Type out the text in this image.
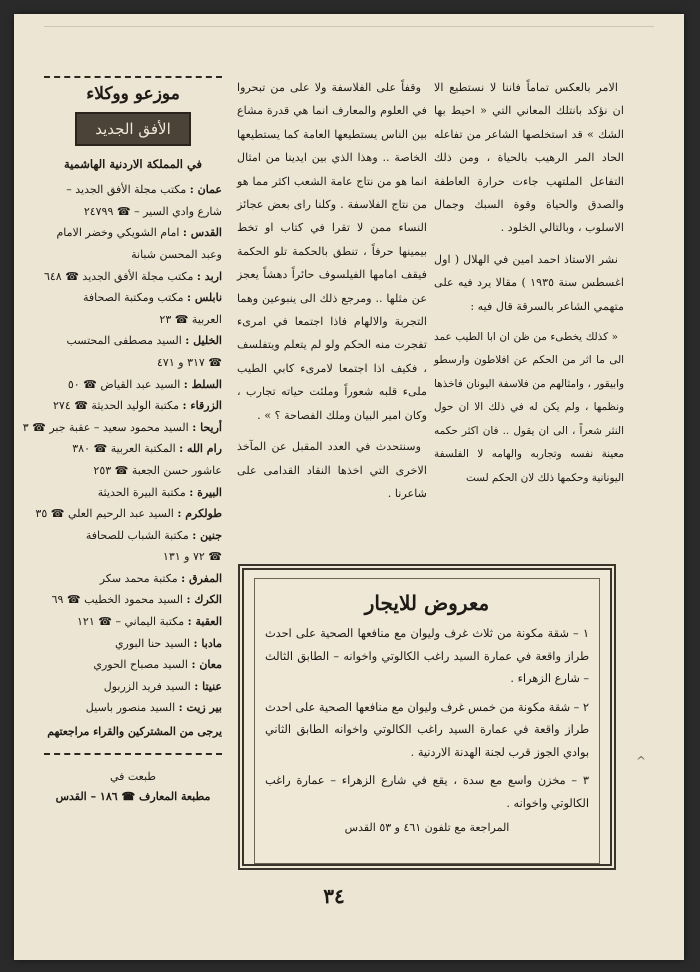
الامر بالعكس تماماً فاننا لا نستطيع الا ان نؤكد بانتلك المعاني التي « احيط بها الشك » قد استخلصها الشاعر من تفاعله الحاد المر الرهيب بالحياة ، ومن ذلك التفاعل الملتهب جاءت حرارة العاطفة والصدق والحياة وقوة السبك وجمال الاسلوب ، وبالتالي الخلود .

نشر الاستاذ احمد امين في الهلال ( اول اغسطس سنة ١٩٣٥ ) مقالا يرد فيه على متهمي الشاعر بالسرقة قال فيه :

« كذلك يخطىء من ظن ان ابا الطيب عمد الى ما اثر من الحكم عن افلاطون وارسطو وابيقور ، وامثالهم من فلاسفة اليونان فاخذها ونظمها ، ولم يكن له في ذلك الا ان حول النثر شعراً ، الى ان يقول .. فان اكثر حكمه معينة نفسه وتجاربه والهامه لا الفلسفة اليونانية وحكمها ذلك لان الحكم لست

وقفاً على الفلاسفة ولا على من تبحروا في العلوم والمعارف انما هي قدرة مشاع بين الناس يستطيعها العامة كما يستطيعها الخاصة .. وهذا الذي بين ايدينا من امثال انما هو من نتاج عامة الشعب اكثر مما هو من نتاج الفلاسفة . وكلنا راى بعض عجائز النساء ممن لا تقرا في كتاب او تخط بيمينها حرفاً ، تنطق بالحكمة تلو الحكمة فيقف امامها الفيلسوف حائراً دهشاً يعجز عن مثلها .. ومرجع ذلك الى ينبوعين وهما التجربة والالهام فاذا اجتمعا في امرىء تفجرت منه الحكم ولو لم يتعلم ويتفلسف ، فكيف اذا اجتمعا لامرىء كابي الطيب ملىء قلبه شعوراً وملئت حياته تجارب ، وكان امير البيان وملك الفصاحة ؟ » .

وسنتحدث في العدد المقبل عن المآخذ الاخرى التي اخذها النقاد القدامى على شاعرنا .

معروض للايجار

١ – شقة مكونة من ثلاث غرف وليوان مع منافعها الصحية على احدث طراز واقعة في عمارة السيد راغب الكالوتي واخوانه – الطابق الثالث – شارع الزهراء .

٢ – شقة مكونة من خمس غرف وليوان مع منافعها الصحية على احدث طراز واقعة في عمارة السيد راغب الكالوتي واخوانه الطابق الثاني بوادي الجوز قرب لجنة الهدنة الاردنية .

٣ – مخزن واسع مع سدة ، يقع في شارع الزهراء – عمارة راغب الكالوتي واخوانه .

المراجعة مع تلفون ٤٦١ و ٥٣ القدس
موزعو ووكلاء
الأفق الجديد
في المملكة الاردنية الهاشمية
عمان : مكتب مجلة الأفق الجديد –
شارع وادي السير – ☎ ٢٤٧٩٩
القدس : امام الشويكي وخضر الامام
وعبد المحسن شبانة
اربد : مكتب مجلة الأفق الجديد ☎ ٦٤٨
نابلس : مكتب ومكتبة الصحافة
العربية ☎ ٢٣
الخليل : السيد مصطفى المحتسب
☎ ٣١٧ و ٤٧١
السلط : السيد عبد القياض ☎ ٥٠
الزرقاء : مكتبة الوليد الحديثة ☎ ٢٧٤
أريحا : السيد محمود سعيد – عقبة جبر ☎ ٣
رام الله : المكتبة العربية ☎ ٣٨٠
عاشور حسن الجعبة ☎ ٢٥٣
البيرة : مكتبة البيرة الحديثة
طولكرم : السيد عبد الرحيم العلي ☎ ٣٥
جنين : مكتبة الشباب للصحافة
☎ ٧٢ و ١٣١
المفرق : مكتبة محمد سكر
الكرك : السيد محمود الخطيب ☎ ٦٩
العقبة : مكتبة اليماني – ☎ ١٢١
مادبا : السيد حنا البوري
معان : السيد مصباح الحوري
عنيتا : السيد فريد الزربول
بير زيت : السيد منصور باسيل
يرجى من المشتركين والقراء مراجعتهم
طبعت في
مطبعة المعارف ☎ ١٨٦ – القدس
٣٤
^
